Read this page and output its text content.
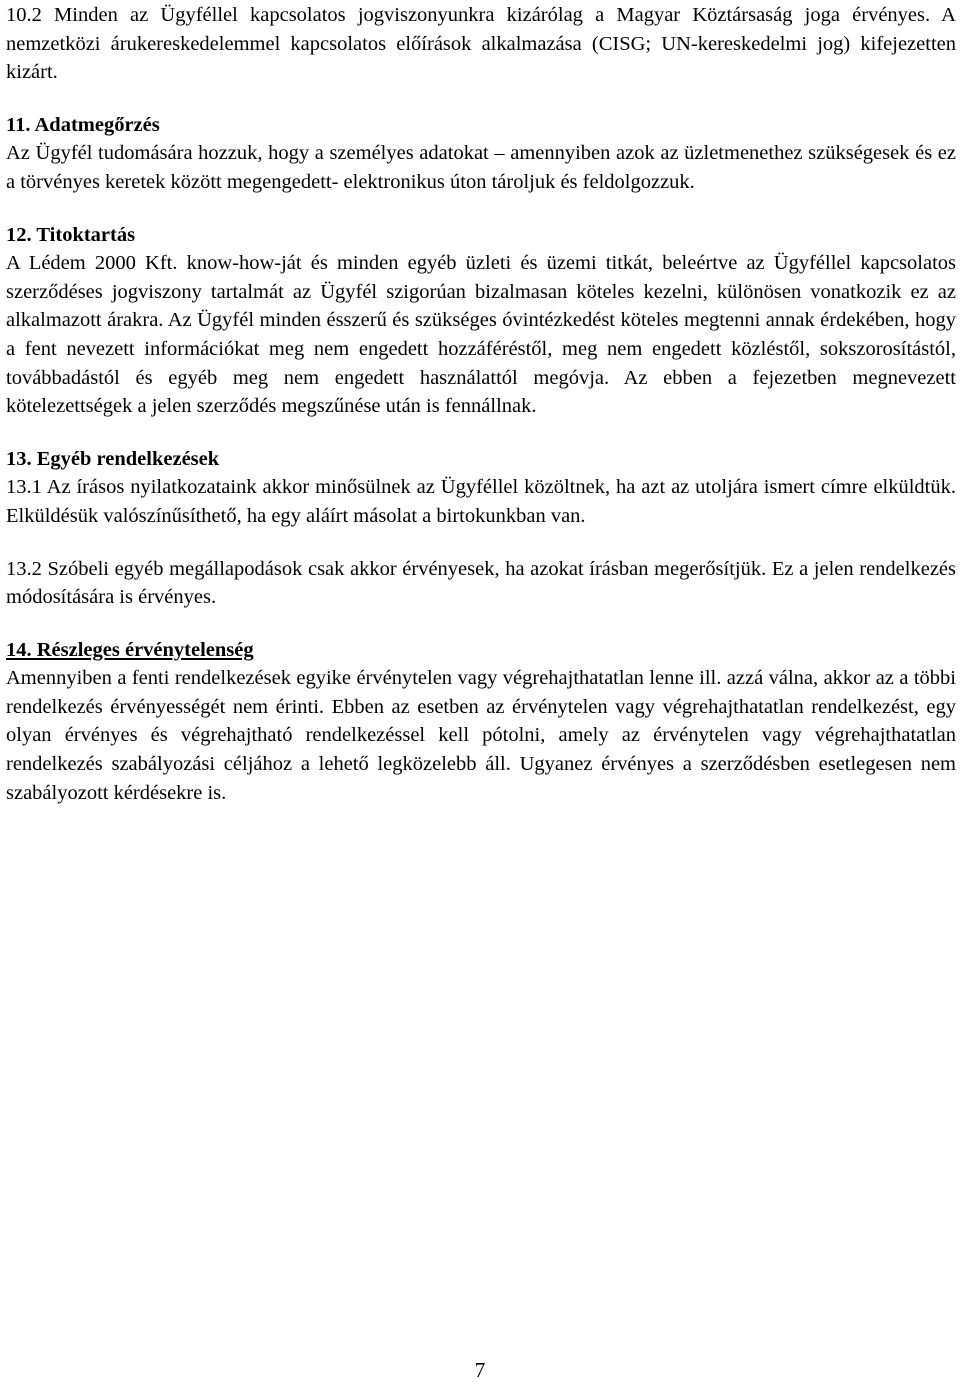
10.2 Minden az Ügyféllel kapcsolatos jogviszonyunkra kizárólag a Magyar Köztársaság joga érvényes. A nemzetközi árukereskedelemmel kapcsolatos előírások alkalmazása (CISG; UN-kereskedelmi jog) kifejezetten kizárt.

11. Adatmegőrzés

Az Ügyfél tudomására hozzuk, hogy a személyes adatokat – amennyiben azok az üzletmenethez szükségesek és ez a törvényes keretek között megengedett- elektronikus úton tároljuk és feldolgozzuk.

12. Titoktartás

A Lédem 2000 Kft. know-how-ját és minden egyéb üzleti és üzemi titkát, beleértve az Ügyféllel kapcsolatos szerződéses jogviszony tartalmát az Ügyfél szigorúan bizalmasan köteles kezelni, különösen vonatkozik ez az alkalmazott árakra. Az Ügyfél minden ésszerű és szükséges óvintézkedést köteles megtenni annak érdekében, hogy a fent nevezett információkat meg nem engedett hozzáféréstől, meg nem engedett közléstől, sokszorosítástól, továbbadástól és egyéb meg nem engedett használattól megóvja. Az ebben a fejezetben megnevezett kötelezettségek a jelen szerződés megszűnése után is fennállnak.

13. Egyéb rendelkezések

13.1 Az írásos nyilatkozataink akkor minősülnek az Ügyféllel közöltnek, ha azt az utoljára ismert címre elküldtük. Elküldésük valószínűsíthető, ha egy aláírt másolat a birtokunkban van.

13.2 Szóbeli egyéb megállapodások csak akkor érvényesek, ha azokat írásban megerősítjük. Ez a jelen rendelkezés módosítására is érvényes.

14. Részleges érvénytelenség

Amennyiben a fenti rendelkezések egyike érvénytelen vagy végrehajthatatlan lenne ill. azzá válna, akkor az a többi rendelkezés érvényességét nem érinti. Ebben az esetben az érvénytelen vagy végrehajthatatlan rendelkezést, egy olyan érvényes és végrehajtható rendelkezéssel kell pótolni, amely az érvénytelen vagy végrehajthatatlan rendelkezés szabályozási céljához a lehető legközelebb áll. Ugyanez érvényes a szerződésben esetlegesen nem szabályozott kérdésekre is.

7
